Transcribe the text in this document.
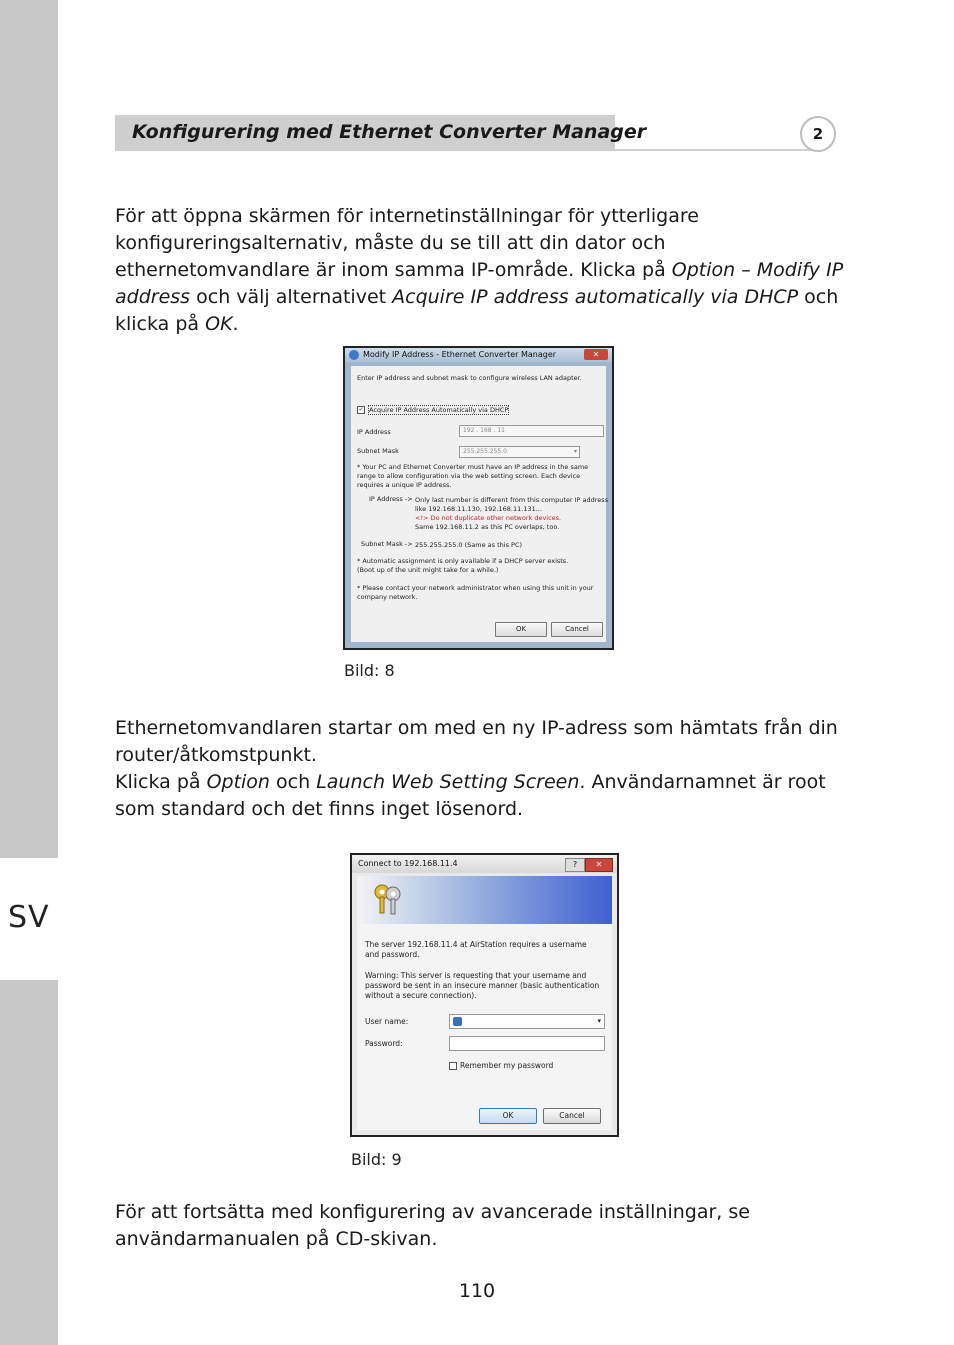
SV
Konfigurering med Ethernet Converter Manager	2

För att öppna skärmen för internetinställningar för ytterligare konfigureringsalternativ, måste du se till att din dator och ethernetomvandlare är inom samma IP-område. Klicka på Option – Modify IP address och välj alternativet Acquire IP address automatically via DHCP och klicka på OK.

Modify IP Address - Ethernet Converter Manager	✕
Enter IP address and subnet mask to configure wireless LAN adapter.
✓ Acquire IP Address Automatically via DHCP
IP Address	192 . 168 . 11
Subnet Mask	255.255.255.0	▾
* Your PC and Ethernet Converter must have an IP address in the same
range to allow configuration via the web setting screen. Each device
requires a unique IP address.
IP Address -> Only last number is different from this computer IP address
like 192.168.11.130, 192.168.11.131...
<!> Do not duplicate other network devices.
Same 192.168.11.2 as this PC overlaps, too.
Subnet Mask -> 255.255.255.0 (Same as this PC)
* Automatic assignment is only available if a DHCP server exists.
(Boot up of the unit might take for a while.)
* Please contact your network administrator when using this unit in your
company network.
OK	Cancel
Bild: 8

Ethernetomvandlaren startar om med en ny IP-adress som hämtats från din router/åtkomstpunkt.
Klicka på Option och Launch Web Setting Screen. Användarnamnet är root som standard och det finns inget lösenord.

Connect to 192.168.11.4	?	✕
The server 192.168.11.4 at AirStation requires a username
and password.
Warning: This server is requesting that your username and
password be sent in an insecure manner (basic authentication
without a secure connection).
User name:	▾
Password:
Remember my password
OK	Cancel
Bild: 9

För att fortsätta med konfigurering av avancerade inställningar, se användarmanualen på CD-skivan.

110
